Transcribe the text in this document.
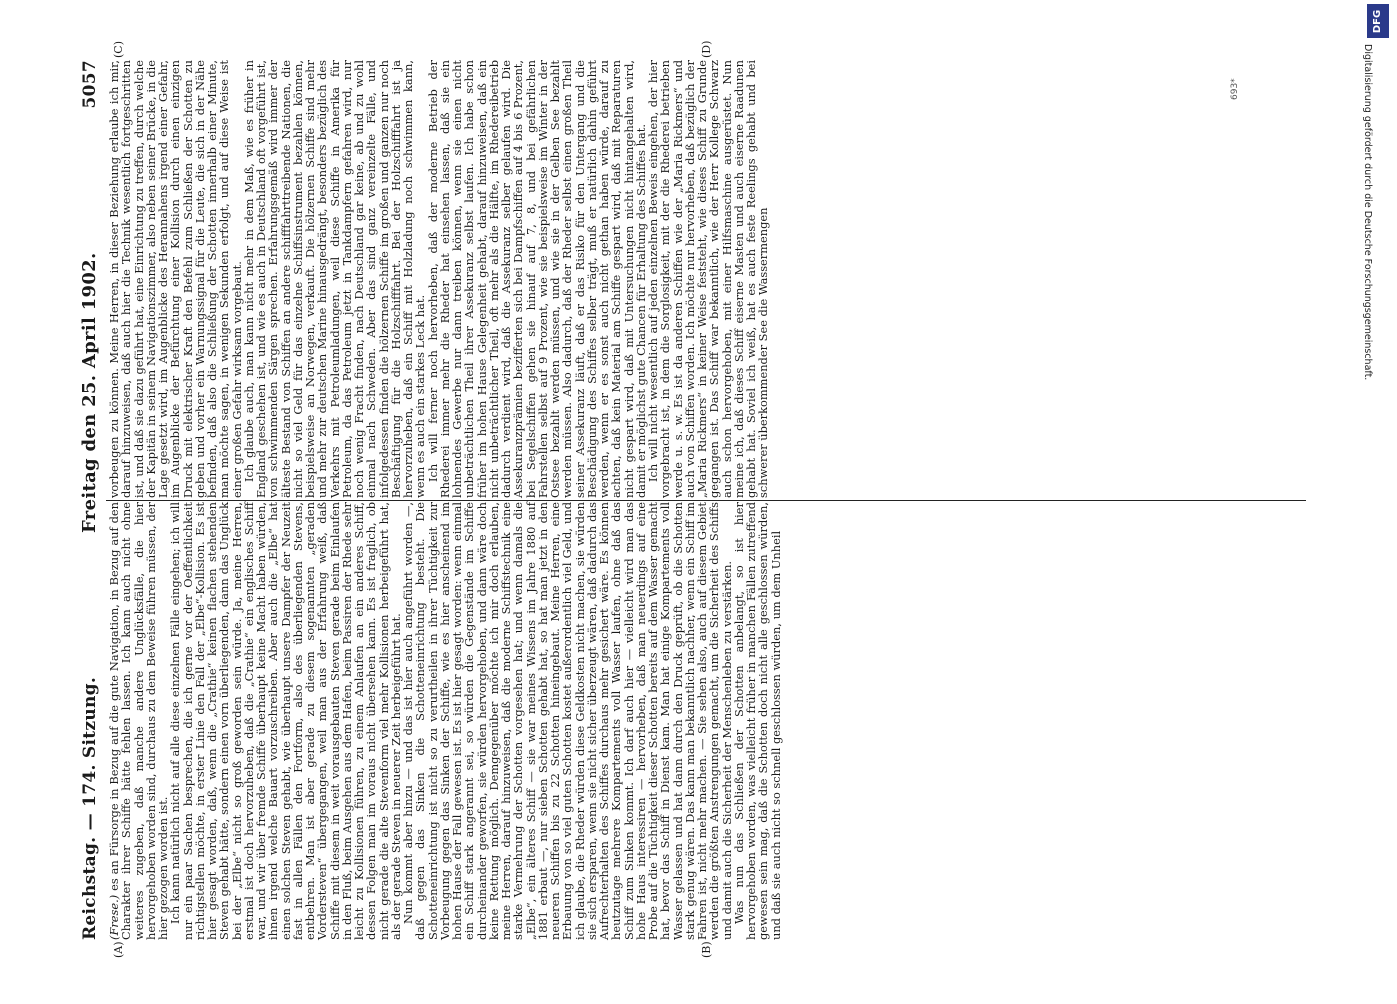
Reichstag. — 174. Sitzung.
Freitag den 25. April 1902.
5057
(A)	(B)
(C)	(D)

(Frese.) es an Fürsorge in Bezug auf die gute Navigation, in Bezug auf den Charakter ihrer Schiffe hätte fehlen lassen. Ich kann auch nicht ohne weiteres zugeben, daß manche andere Unglücksfälle, die hier hervorgehoben worden sind, durchaus zu dem Beweise führen müssen, der hier gezogen worden ist.

Ich kann natürlich nicht auf alle diese einzelnen Fälle eingehen; ich will nur ein paar Sachen besprechen, die ich gerne vor der Oeffentlichkeit richtigstellen möchte, in erster Linie den Fall der „Elbe“-Kollision. Es ist hier gesagt worden, daß, wenn die „Crathie“ keinen flachen stehenden Steven gehabt hätte, sondern einen vorn überliegenden, dann das Unglück bei der „Elbe“ nicht so groß geworden sein würde. Ja, meine Herren, erstmal ist doch hervorzuheben, daß die „Crathie“ ein englisches Schiff war, und wir über fremde Schiffe überhaupt keine Macht haben würden, ihnen irgend welche Bauart vorzuschreiben. Aber auch die „Elbe“ hat einen solchen Steven gehabt, wie überhaupt unsere Dampfer der Neuzeit fast in allen Fällen den Fortform, also des überliegenden Stevens, entbehren. Man ist aber gerade zu diesem sogenannten „geraden Vordersteven“ übergegangen, weil man aus der Erfahrung weiß, daß Schiffe mit diesem in weit vorausgebauten Steven gerade beim Einlaufen in den Fluß, beim Ausgehen aus dem Hafen, beim Passiren der Rhede sehr leicht zu Kollisionen führen, zu einem Anlaufen an ein anderes Schiff, dessen Folgen man im voraus nicht übersehen kann. Es ist fraglich, ob nicht gerade die alte Stevenform viel mehr Kollisionen herbeigeführt hat, als der gerade Steven in neuerer Zeit herbeigeführt hat.

Nun kommt aber hinzu — und das ist hier auch angeführt worden —, daß gegen das Sinken die Schotteneinrichtung besteht. Die Schotteneinrichtung ist nicht so zu verurtheilen in ihrer Tüchtigkeit zur Vorbeugung gegen das Sinken der Schiffe, wie es hier anscheinend im hohen Hause der Fall gewesen ist. Es ist hier gesagt worden: wenn einmal ein Schiff stark angerannt sei, so würden die Gegenstände im Schiffe durcheinander geworfen, sie würden hervorgehoben, und dann wäre doch keine Rettung möglich. Demgegenüber möchte ich mir doch erlauben, meine Herren, darauf hinzuweisen, daß die moderne Schiffstechnik eine starke Vermehrung der Schotten vorgesehen hat; und wenn damals die „Elbe“, ein älteres Schiff — sie war meines Wissens im Jahre 1880 auf 1881 erbaut —, nur sieben Schotten gehabt hat, so hat man jetzt in den neueren Schiffen bis zu 22 Schotten hineingebaut. Meine Herren, eine Erbauung von so viel guten Schotten kostet außerordentlich viel Geld, und ich glaube, die Rheder würden diese Geldkosten nicht machen, sie würden sie sich ersparen, wenn sie nicht sicher überzeugt wären, daß dadurch das Aufrechterhalten des Schiffes durchaus mehr gesichert wäre. Es können heutzutage mehrere Kompartements voll Wasser laufen, ohne daß das Schiff zum Sinken kommt. Ich darf auch hier — vielleicht wird man das hohe Haus interessiren — hervorheben, daß man neuerdings auf eine Probe auf die Tüchtigkeit dieser Schotten bereits auf dem Wasser gemacht hat, bevor das Schiff in Dienst kam. Man hat einige Kompartements voll Wasser gelassen und hat dann durch den Druck geprüft, ob die Schotten stark genug wären. Das kann man bekanntlich nachher, wenn ein Schiff im Fahren ist, nicht mehr machen. — Sie sehen also, auch auf diesem Gebiet werden die größten Anstrengungen gemacht, um die Sicherheit des Schiffs und damit auch die Sicherheit der Menschenleben zu verstärken.

Was nun das Schließen der Schotten anbelangt, so ist hier hervorgehoben worden, was vielleicht früher in manchen Fällen zutreffend gewesen sein mag, daß die Schotten doch nicht alle geschlossen würden, und daß sie auch nicht so schnell geschlossen würden, um dem Unheil

vorbeugen zu können. Meine Herren, in dieser Beziehung erlaube ich mir, darauf hinzuweisen, daß auch hier die Technik wesentlich fortgeschritten ist, und daß sie dazu geführt hat, eine Einrichtung zu treffen, durch welche der Kapitän in seinem Navigationszimmer, also neben seiner Brücke, in die Lage gesetzt wird, im Augenblicke des Herannahens irgend einer Gefahr, im Augenblicke der Befürchtung einer Kollision durch einen einzigen Druck mit elektrischer Kraft den Befehl zum Schließen der Schotten zu geben und vorher ein Warnungssignal für die Leute, die sich in der Nähe befinden, daß also die Schließung der Schotten innerhalb einer Minute, man möchte sagen, in wenigen Sekunden erfolgt, und auf diese Weise ist einer großen Gefahr wirksam vorgebaut.

Ich glaube auch, man kann nicht mehr in dem Maß, wie es früher in England geschehen ist, und wie es auch in Deutschland oft vorgeführt ist, von schwimmenden Särgen sprechen. Erfahrungsgemäß wird immer der älteste Bestand von Schiffen an andere schifffahrttreibende Nationen, die nicht so viel Geld für das einzelne Schiffsinstrument bezahlen können, beispielsweise an Norwegen, verkauft. Die hölzernen Schiffe sind mehr und mehr zur deutschen Marine hinausgedrängt, besonders bezüglich des Verkehrs mit Petroleumladungen, weil diese Schiffe in Amerika für Petroleum, da das Petroleum jetzt in Tankdampfern gefahren wird, nur noch wenig Fracht finden, nach Deutschland gar keine, ab und zu wohl einmal nach Schweden. Aber das sind ganz vereinzelte Fälle, und infolgedessen finden die hölzernen Schiffe im großen und ganzen nur noch Beschäftigung für die Holzschifffahrt. Bei der Holzschifffahrt ist ja hervorzuheben, daß ein Schiff mit Holzladung noch schwimmen kann, wenn es auch ein starkes Leck hat.

Ich will ferner noch hervorheben, daß der moderne Betrieb der Rhederei immer mehr die Rheder hat einsehen lassen, daß sie ein lohnendes Gewerbe nur dann treiben können, wenn sie einen nicht unbeträchtlichen Theil ihrer Assekuranz selbst laufen. Ich habe schon früher im hohen Hause Gelegenheit gehabt, darauf hinzuweisen, daß ein nicht unbeträchtlicher Theil, oft mehr als die Hälfte, im Rhedereibetrieb dadurch verdient wird, daß die Assekuranz selber gelaufen wird. Die Assekuranzprämien bezifferten sich bei Dampfschiffen auf 4 bis 6 Prozent, bei Segelschiffen gehen sie hinauf auf 7, 8, und bei gefährlichen Fahrstellen selbst auf 9 Prozent, wie sie beispielsweise im Winter in der Ostsee bezahlt werden müssen, und wie sie in der Gelben See bezahlt werden müssen. Also dadurch, daß der Rheder selbst einen großen Theil seiner Assekuranz läuft, daß er das Risiko für den Untergang und die Beschädigung des Schiffes selber trägt, muß er natürlich dahin geführt werden, wenn er es sonst auch nicht gethan haben würde, darauf zu achten, daß kein Material am Schiffe gespart wird, daß mit Reparaturen nicht gespart wird, daß mit Untersuchungen nicht hintangehalten wird, damit er möglichst gute Chancen für Erhaltung des Schiffes hat.

Ich will nicht wesentlich auf jeden einzelnen Beweis eingehen, der hier vorgebracht ist, in dem die Sorglosigkeit, mit der die Rhederei betrieben werde u. s. w. Es ist da anderen Schiffen wie der „Maria Rickmers“ und auch von Schiffen worden. Ich möchte nur hervorheben, daß bezüglich der „Maria Rickmers“ in keiner Weise feststeht, wie dieses Schiff zu Grunde gegangen ist. Das Schiff war bekanntlich, wie der Herr Kollege Schwarz auch schon hervorgehoben, mit einer Hilfsmaschine ausgerüstet. Nun meine ich, daß dieses Schiff eiserne Masten und auch eiserne Raadunen gehabt hat. Soviel ich weiß, hat es auch feste Reelings gehabt und bei schwerer überkommender See die Wassermengen

693*
DFG
Digitalisierung gefördert durch die Deutsche Forschungsgemeinschaft.
